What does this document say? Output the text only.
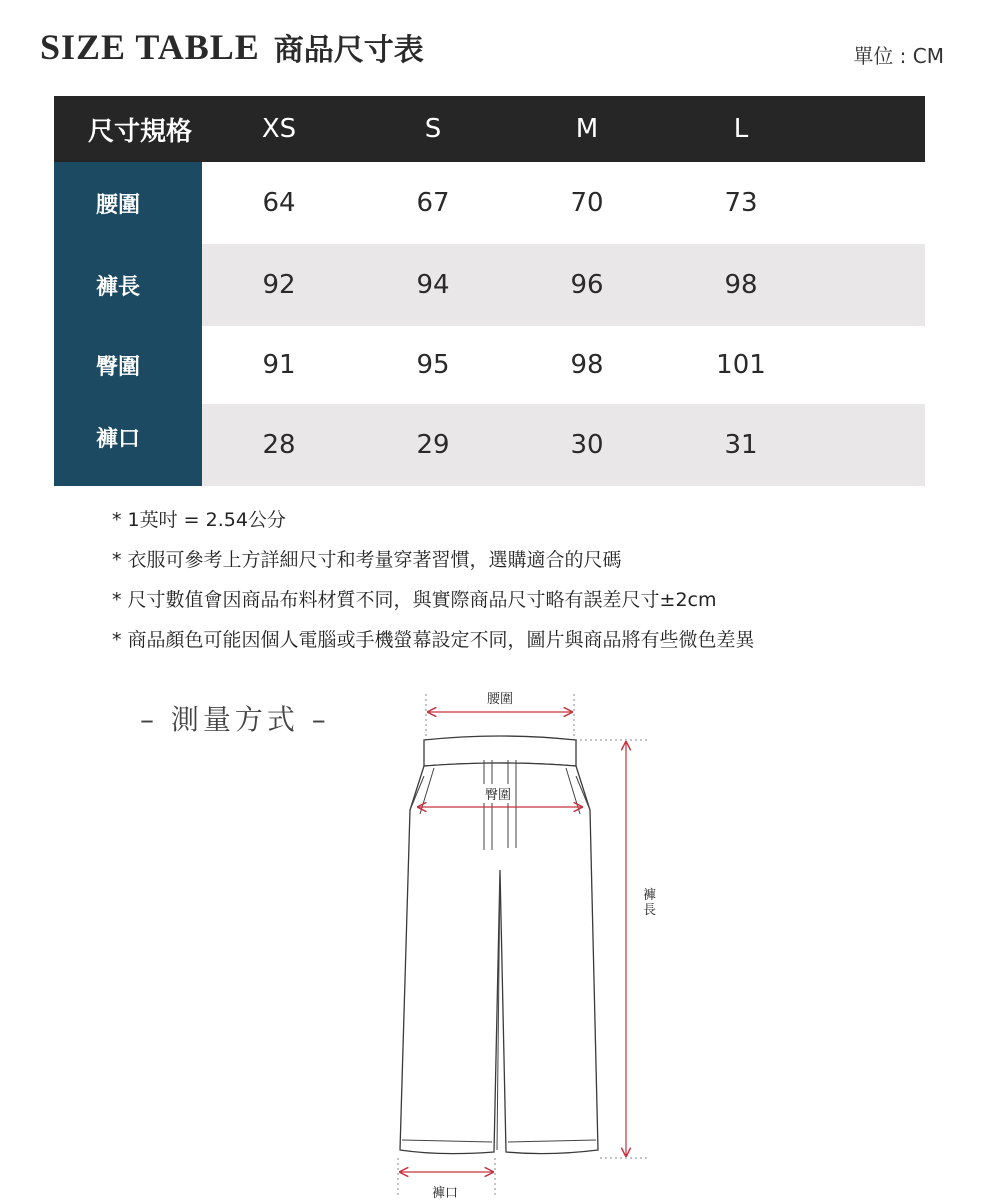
SIZE TABLE 商品尺寸表	單位 : CM
尺寸規格	XS	S	M	L
腰圍	64	67	70	73
褲長	92	94	96	98
臀圍	91	95	98	101
褲口	28	29	30	31
* 1英吋 = 2.54公分
* 衣服可參考上方詳細尺寸和考量穿著習慣，選購適合的尺碼
* 尺寸數值會因商品布料材質不同，與實際商品尺寸略有誤差尺寸±2cm
* 商品顏色可能因個人電腦或手機螢幕設定不同，圖片與商品將有些微色差異
– 測量方式 –
腰圍
臀圍
褲長
褲口
